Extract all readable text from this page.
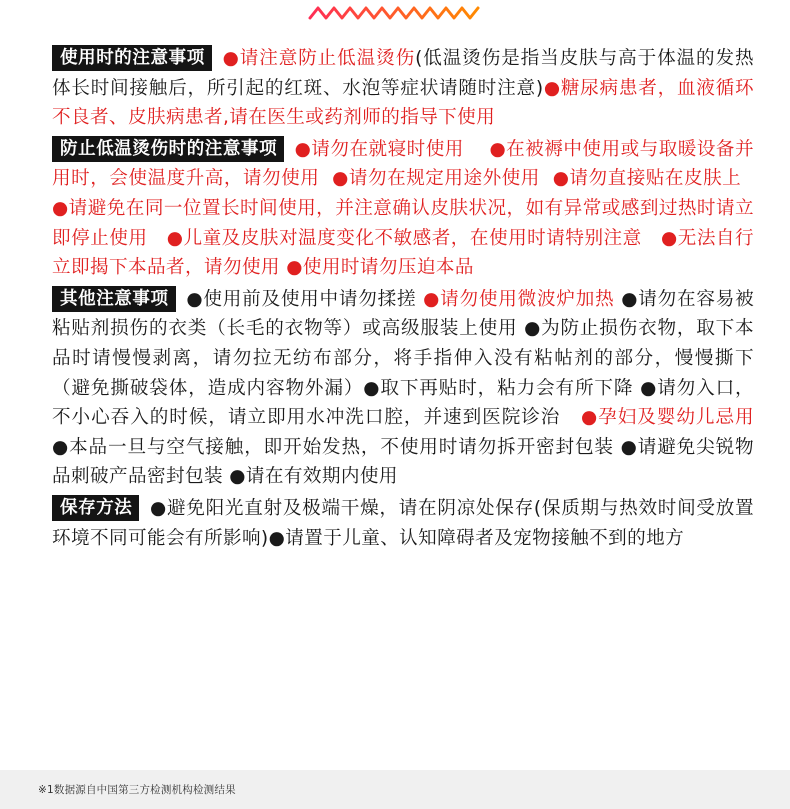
使用时的注意事项 ●请注意防止低温烫伤(低温烫伤是指当皮肤与高于体温的发热体长时间接触后，所引起的红斑、水泡等症状请随时注意)●糖尿病患者，血液循环不良者、皮肤病患者,请在医生或药剂师的指导下使用

防止低温烫伤时的注意事项 ●请勿在就寝时使用 ●在被褥中使用或与取暖设备并用时，会使温度升高，请勿使用 ●请勿在规定用途外使用 ●请勿直接贴在皮肤上   ●请避免在同一位置长时间使用，并注意确认皮肤状况，如有异常或感到过热时请立即停止使用 ●儿童及皮肤对温度变化不敏感者，在使用时请特别注意 ●无法自行立即揭下本品者，请勿使用 ●使用时请勿压迫本品

其他注意事项 ●使用前及使用中请勿揉搓 ●请勿使用微波炉加热 ●请勿在容易被粘贴剂损伤的衣类（长毛的衣物等）或高级服装上使用 ●为防止损伤衣物，取下本品时请慢慢剥离，请勿拉无纺布部分，将手指伸入没有粘帖剂的部分，慢慢撕下（避免撕破袋体，造成内容物外漏）●取下再贴时，粘力会有所下降 ●请勿入口，不小心吞入的时候，请立即用水冲洗口腔，并速到医院诊治 ●孕妇及婴幼儿忌用 ●本品一旦与空气接触，即开始发热，不使用时请勿拆开密封包装 ●请避免尖锐物品刺破产品密封包装 ●请在有效期内使用

保存方法 ●避免阳光直射及极端干燥，请在阴凉处保存(保质期与热效时间受放置环境不同可能会有所影响)●请置于儿童、认知障碍者及宠物接触不到的地方

※1数据源自中国第三方检测机构检测结果
